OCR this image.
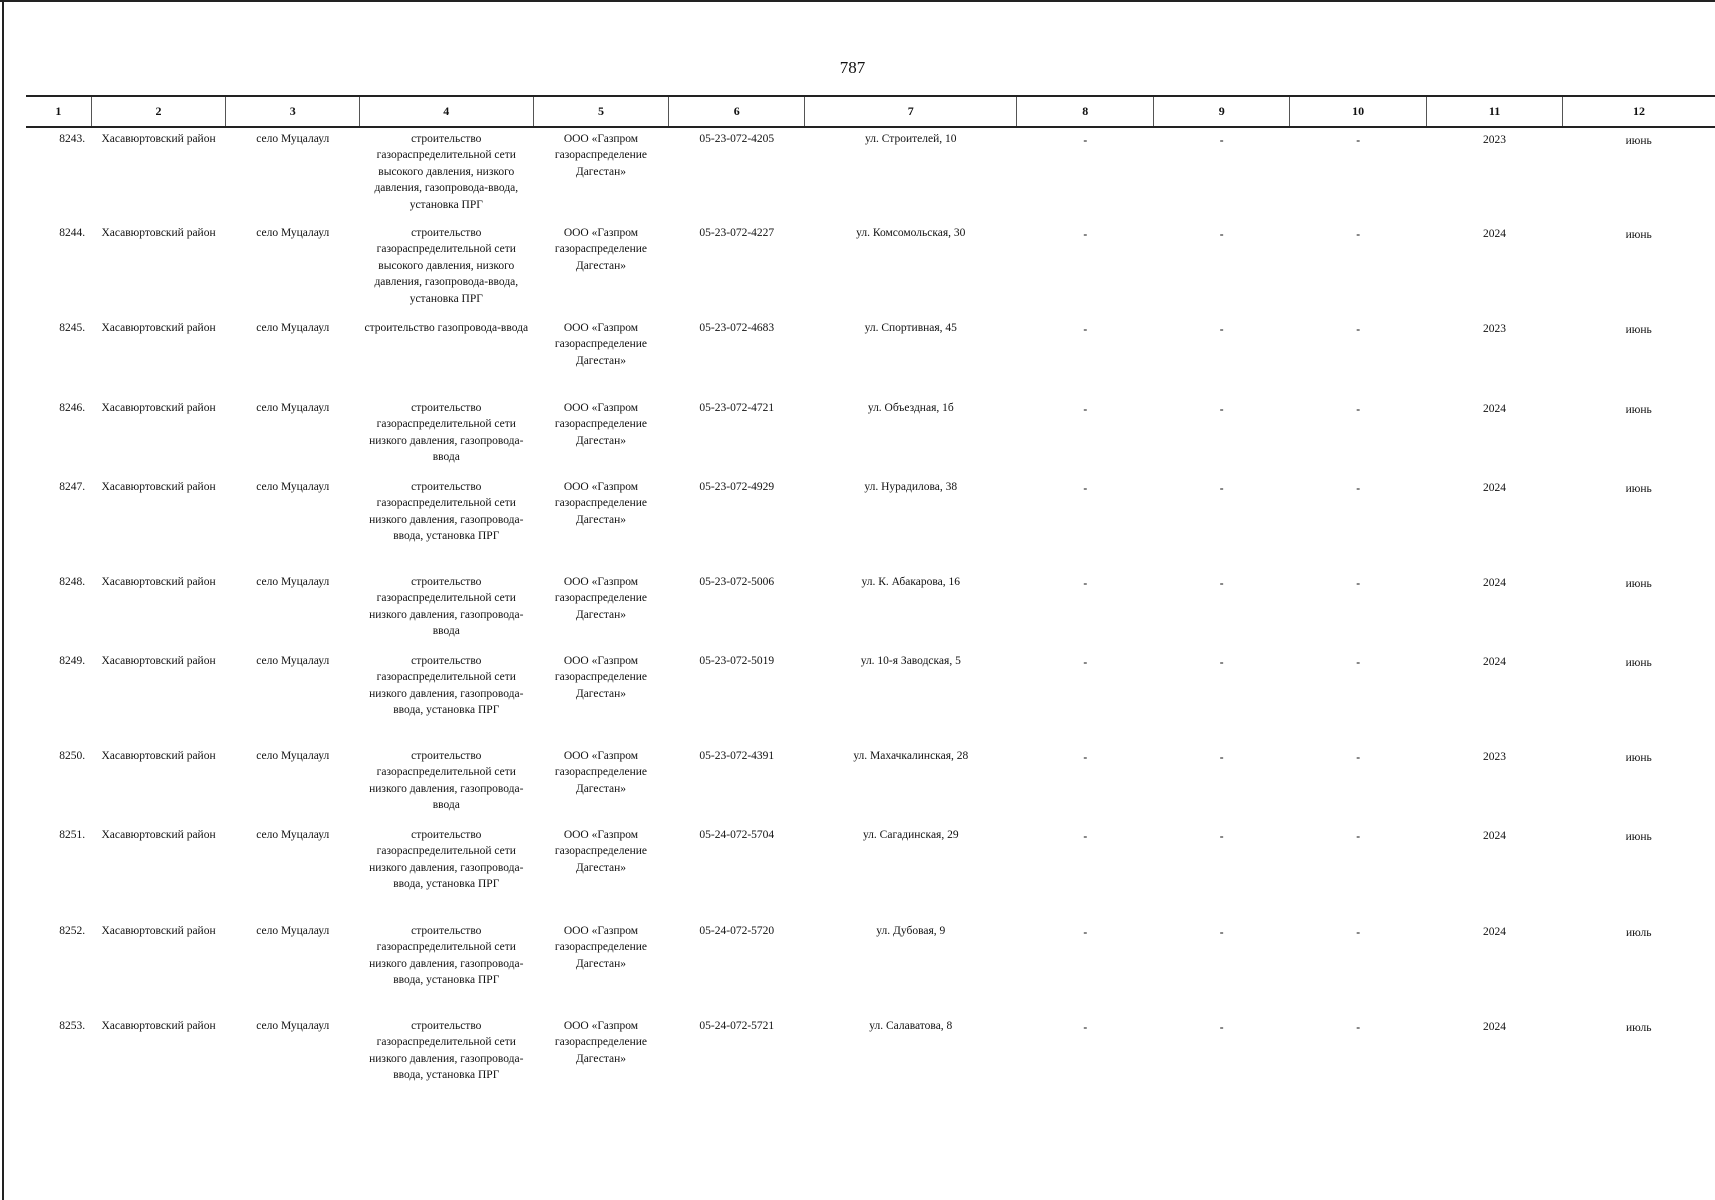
787
1	2	3	4	5	6	7	8	9	10	11	12
8243.	Хасавюртовский район	село Муцалаул	строительство газораспределительной сети высокого давления, низкого давления, газопровода-ввода, установка ПРГ	ООО «Газпром газораспределение Дагестан»	05-23-072-4205	ул. Строителей, 10	-	-	-	2023	июнь
8244.	Хасавюртовский район	село Муцалаул	строительство газораспределительной сети высокого давления, низкого давления, газопровода-ввода, установка ПРГ	ООО «Газпром газораспределение Дагестан»	05-23-072-4227	ул. Комсомольская, 30	-	-	-	2024	июнь
8245.	Хасавюртовский район	село Муцалаул	строительство газопровода-ввода	ООО «Газпром газораспределение Дагестан»	05-23-072-4683	ул. Спортивная, 45	-	-	-	2023	июнь
8246.	Хасавюртовский район	село Муцалаул	строительство газораспределительной сети низкого давления, газопровода-ввода	ООО «Газпром газораспределение Дагестан»	05-23-072-4721	ул. Объездная, 1б	-	-	-	2024	июнь
8247.	Хасавюртовский район	село Муцалаул	строительство газораспределительной сети низкого давления, газопровода-ввода, установка ПРГ	ООО «Газпром газораспределение Дагестан»	05-23-072-4929	ул. Нурадилова, 38	-	-	-	2024	июнь
8248.	Хасавюртовский район	село Муцалаул	строительство газораспределительной сети низкого давления, газопровода-ввода	ООО «Газпром газораспределение Дагестан»	05-23-072-5006	ул. К. Абакарова, 16	-	-	-	2024	июнь
8249.	Хасавюртовский район	село Муцалаул	строительство газораспределительной сети низкого давления, газопровода-ввода, установка ПРГ	ООО «Газпром газораспределение Дагестан»	05-23-072-5019	ул. 10-я Заводская, 5	-	-	-	2024	июнь
8250.	Хасавюртовский район	село Муцалаул	строительство газораспределительной сети низкого давления, газопровода-ввода	ООО «Газпром газораспределение Дагестан»	05-23-072-4391	ул. Махачкалинская, 28	-	-	-	2023	июнь
8251.	Хасавюртовский район	село Муцалаул	строительство газораспределительной сети низкого давления, газопровода-ввода, установка ПРГ	ООО «Газпром газораспределение Дагестан»	05-24-072-5704	ул. Сагадинская, 29	-	-	-	2024	июнь
8252.	Хасавюртовский район	село Муцалаул	строительство газораспределительной сети низкого давления, газопровода-ввода, установка ПРГ	ООО «Газпром газораспределение Дагестан»	05-24-072-5720	ул. Дубовая, 9	-	-	-	2024	июль
8253.	Хасавюртовский район	село Муцалаул	строительство газораспределительной сети низкого давления, газопровода-ввода, установка ПРГ	ООО «Газпром газораспределение Дагестан»	05-24-072-5721	ул. Салаватова, 8	-	-	-	2024	июль
